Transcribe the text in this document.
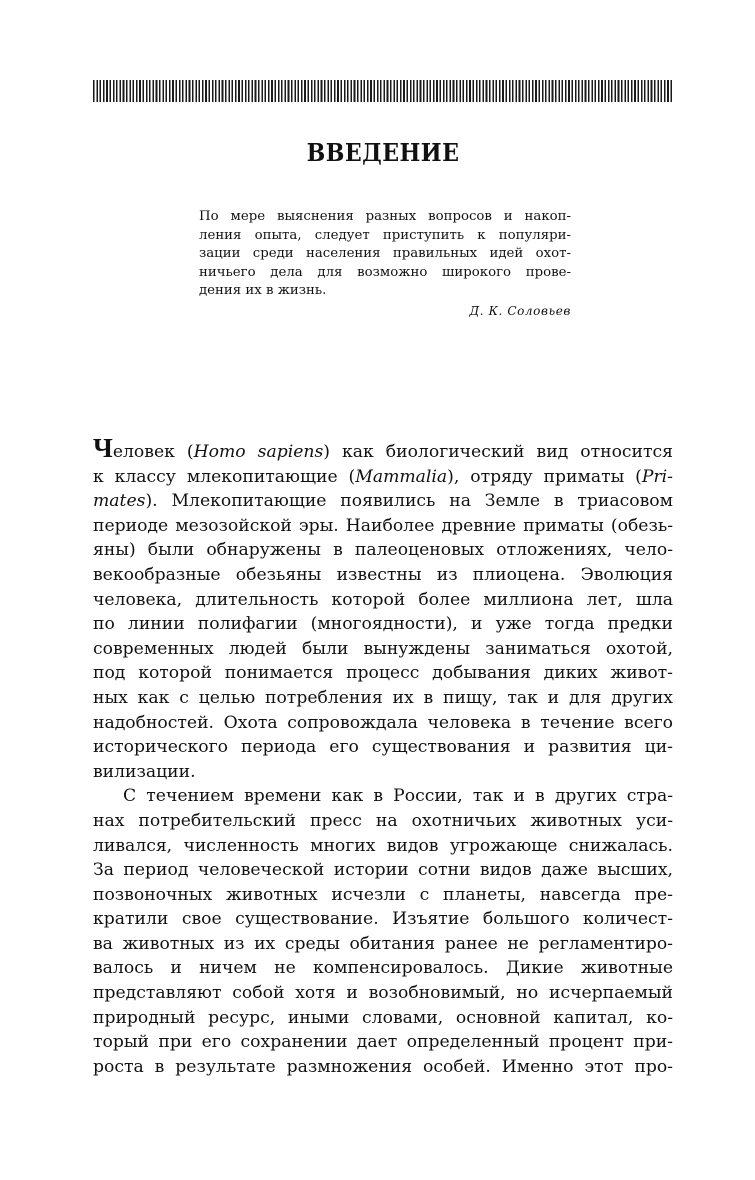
ВВЕДЕНИЕ
По мере выяснения разных вопросов и накоп-
ления опыта, следует приступить к популяри-
зации среди населения правильных идей охот-
ничьего дела для возможно широкого прове-
дения их в жизнь.
Д. К. Соловьев
Человек (Homo sapiens) как биологический вид относится
к классу млекопитающие (Mammalia), отряду приматы (Pri-
mates). Млекопитающие появились на Земле в триасовом
периоде мезозойской эры. Наиболее древние приматы (обезь-
яны) были обнаружены в палеоценовых отложениях, чело-
векообразные обезьяны известны из плиоцена. Эволюция
человека, длительность которой более миллиона лет, шла
по линии полифагии (многоядности), и уже тогда предки
современных людей были вынуждены заниматься охотой,
под которой понимается процесс добывания диких живот-
ных как с целью потребления их в пищу, так и для других
надобностей. Охота сопровождала человека в течение всего
исторического периода его существования и развития ци-
вилизации.
С течением времени как в России, так и в других стра-
нах потребительский пресс на охотничьих животных уси-
ливался, численность многих видов угрожающе снижалась.
За период человеческой истории сотни видов даже высших,
позвоночных животных исчезли с планеты, навсегда пре-
кратили свое существование. Изъятие большого количест-
ва животных из их среды обитания ранее не регламентиро-
валось и ничем не компенсировалось. Дикие животные
представляют собой хотя и возобновимый, но исчерпаемый
природный ресурс, иными словами, основной капитал, ко-
торый при его сохранении дает определенный процент при-
роста в результате размножения особей. Именно этот про-
